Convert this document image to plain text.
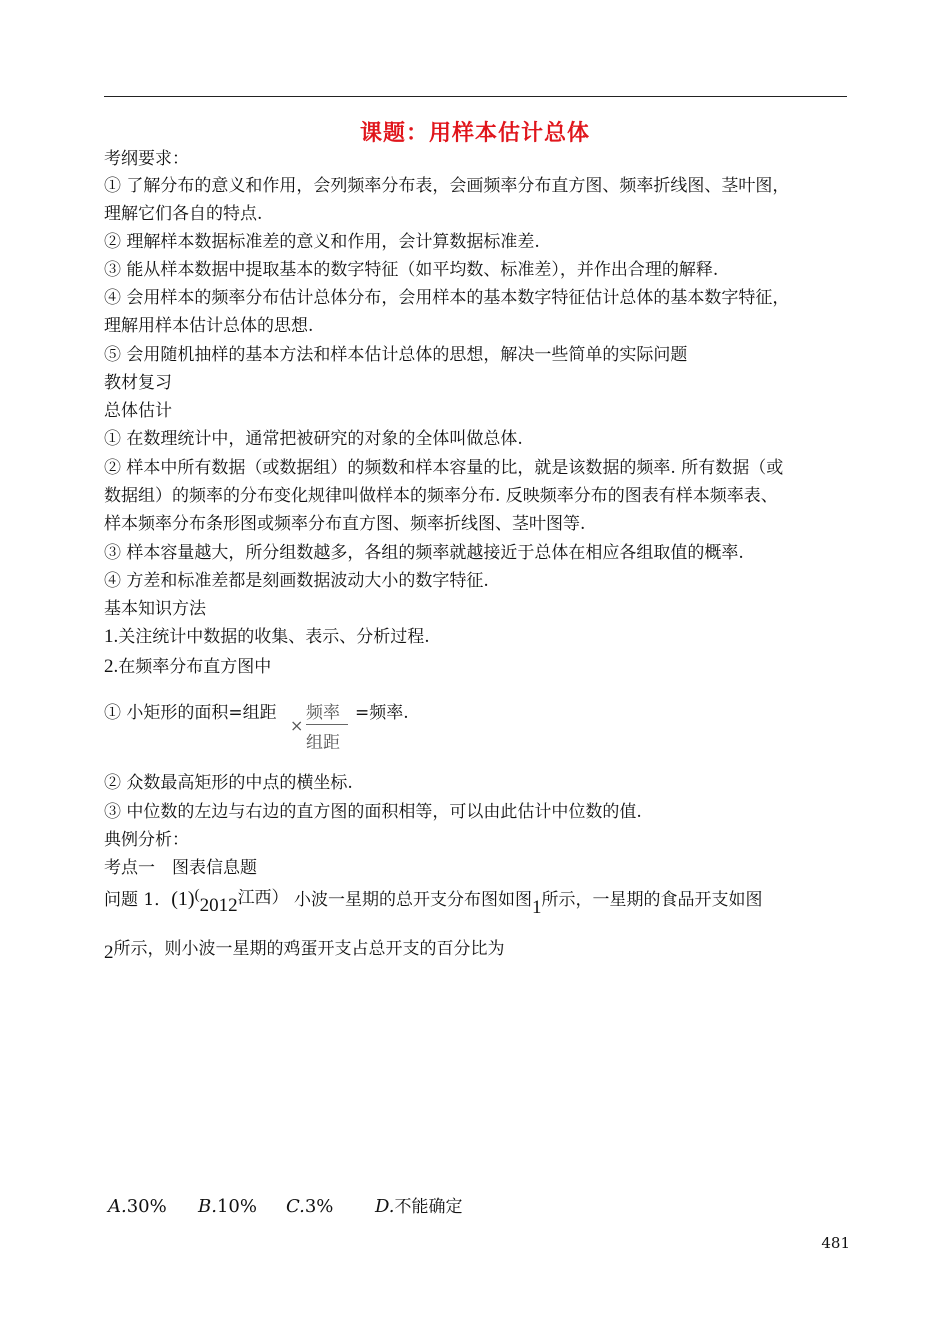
课题：用样本估计总体
考纲要求：
① 了解分布的意义和作用，会列频率分布表，会画频率分布直方图、频率折线图、茎叶图，
理解它们各自的特点.
② 理解样本数据标准差的意义和作用，会计算数据标准差.
③ 能从样本数据中提取基本的数字特征（如平均数、标准差），并作出合理的解释.
④ 会用样本的频率分布估计总体分布，会用样本的基本数字特征估计总体的基本数字特征，
理解用样本估计总体的思想.
⑤ 会用随机抽样的基本方法和样本估计总体的思想，解决一些简单的实际问题
教材复习
总体估计
① 在数理统计中，通常把被研究的对象的全体叫做总体.
② 样本中所有数据（或数据组）的频数和样本容量的比，就是该数据的频率. 所有数据（或
数据组）的频率的分布变化规律叫做样本的频率分布. 反映频率分布的图表有样本频率表、
样本频率分布条形图或频率分布直方图、频率折线图、茎叶图等.
③ 样本容量越大，所分组数越多，各组的频率就越接近于总体在相应各组取值的概率.
④ 方差和标准差都是刻画数据波动大小的数字特征.
基本知识方法
1.关注统计中数据的收集、表示、分析过程.
2.在频率分布直方图中
① 小矩形的面积=组距
×
频率
组距
=频率.
② 众数最高矩形的中点的横坐标.
③ 中位数的左边与右边的直方图的面积相等，可以由此估计中位数的值.
典例分析：
考点一　图表信息题
问题 1．(1)(2012江西） 小波一星期的总开支分布图如图1所示，一星期的食品开支如图
2所示，则小波一星期的鸡蛋开支占总开支的百分比为
A.30% B.10% C.3% D.不能确定
481
